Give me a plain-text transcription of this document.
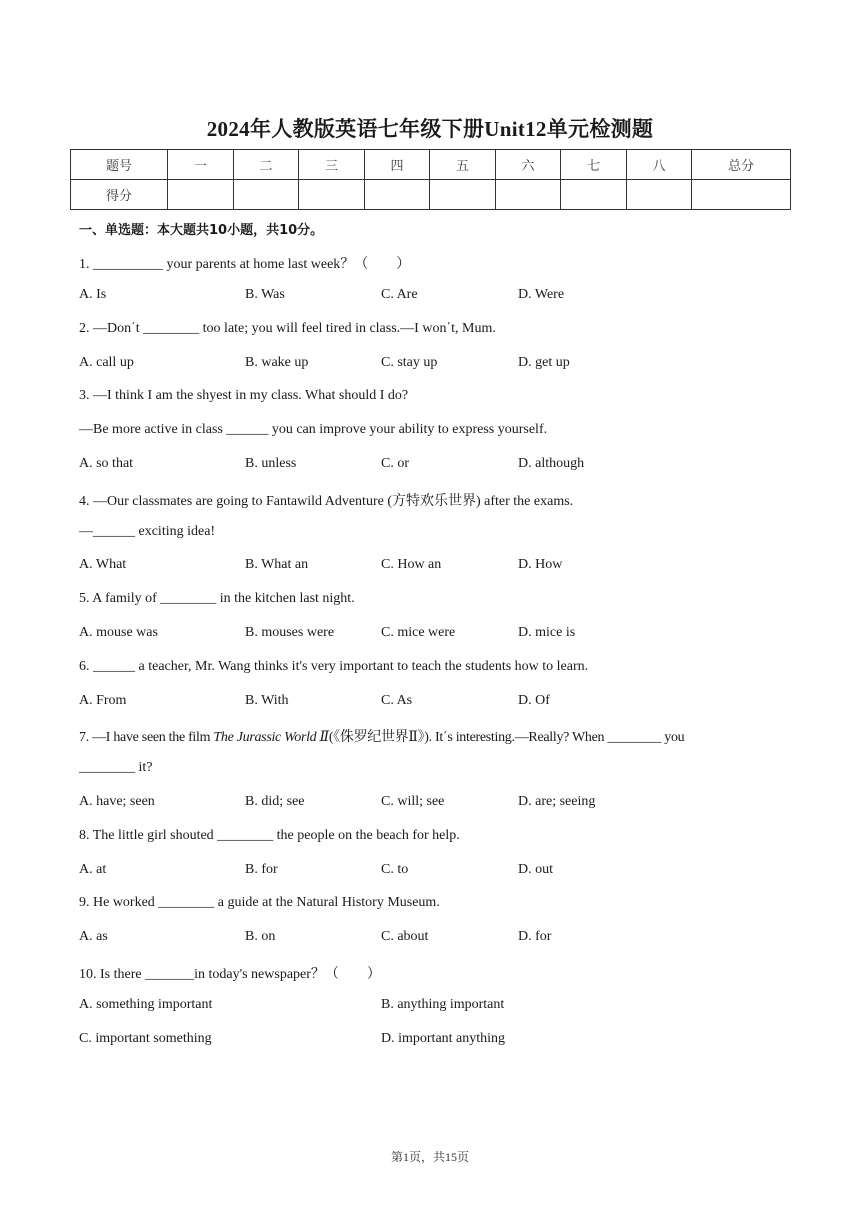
2024年人教版英语七年级下册Unit12单元检测题
题号	一	二	三	四	五	六	七	八	总分
得分									
一、单选题：本大题共10小题，共10分。
1. __________ your parents at home last week？（　　）
A. Is	B. Was	C. Are	D. Were
2. —Don΄t ________ too late; you will feel tired in class.—I won΄t, Mum.
A. call up	B. wake up	C. stay up	D. get up
3. —I think I am the shyest in my class. What should I do?
—Be more active in class ______ you can improve your ability to express yourself.
A. so that	B. unless	C. or	D. although
4. —Our classmates are going to Fantawild Adventure (方特欢乐世界) after the exams.
—______ exciting idea!
A. What	B. What an	C. How an	D. How
5. A family of ________ in the kitchen last night.
A. mouse was	B. mouses were	C. mice were	D. mice is
6. ______ a teacher, Mr. Wang thinks it's very important to teach the students how to learn.
A. From	B. With	C. As	D. Of
7. —I have seen the film The Jurassic World Ⅱ(《侏罗纪世界Ⅱ》). It΄s interesting.—Really? When ________ you
________ it?
A. have; seen	B. did; see	C. will; see	D. are; seeing
8. The little girl shouted ________ the people on the beach for help.
A. at	B. for	C. to	D. out
9. He worked ________ a guide at the Natural History Museum.
A. as	B. on	C. about	D. for
10. Is there _______in today's newspaper？（　　）
A. something important	B. anything important
C. important something	D. important anything
第1页，共15页
